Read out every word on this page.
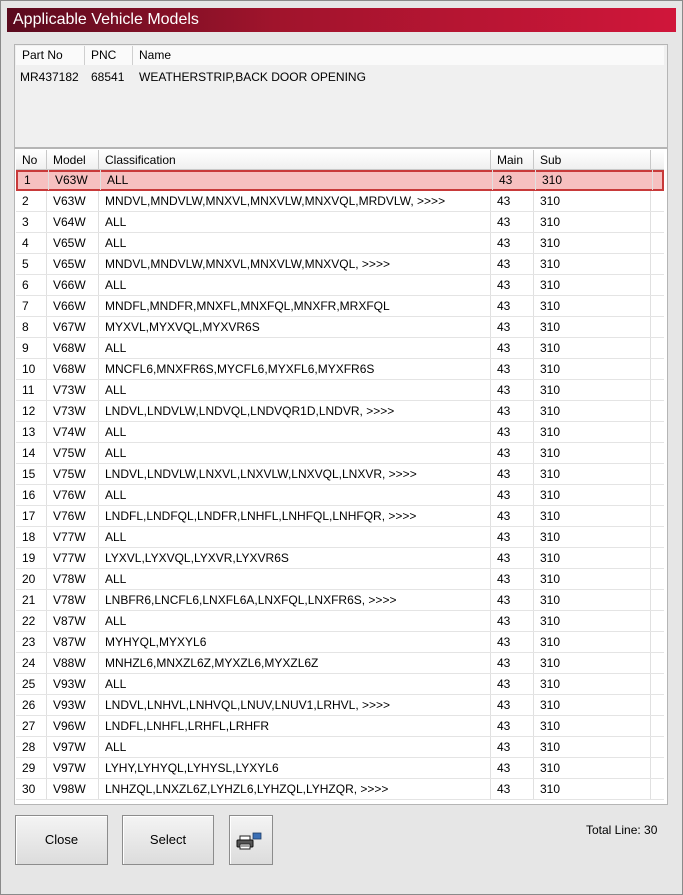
Applicable Vehicle Models
Part No	PNC	Name
MR437182 68541 WEATHERSTRIP,BACK DOOR OPENING
No	Model	Classification	Main	Sub
1	V63W	ALL	43	310
2	V63W	MNDVL,MNDVLW,MNXVL,MNXVLW,MNXVQL,MRDVLW, >>>>	43	310
3	V64W	ALL	43	310
4	V65W	ALL	43	310
5	V65W	MNDVL,MNDVLW,MNXVL,MNXVLW,MNXVQL, >>>>	43	310
6	V66W	ALL	43	310
7	V66W	MNDFL,MNDFR,MNXFL,MNXFQL,MNXFR,MRXFQL	43	310
8	V67W	MYXVL,MYXVQL,MYXVR6S	43	310
9	V68W	ALL	43	310
10	V68W	MNCFL6,MNXFR6S,MYCFL6,MYXFL6,MYXFR6S	43	310
11	V73W	ALL	43	310
12	V73W	LNDVL,LNDVLW,LNDVQL,LNDVQR1D,LNDVR, >>>>	43	310
13	V74W	ALL	43	310
14	V75W	ALL	43	310
15	V75W	LNDVL,LNDVLW,LNXVL,LNXVLW,LNXVQL,LNXVR, >>>>	43	310
16	V76W	ALL	43	310
17	V76W	LNDFL,LNDFQL,LNDFR,LNHFL,LNHFQL,LNHFQR, >>>>	43	310
18	V77W	ALL	43	310
19	V77W	LYXVL,LYXVQL,LYXVR,LYXVR6S	43	310
20	V78W	ALL	43	310
21	V78W	LNBFR6,LNCFL6,LNXFL6A,LNXFQL,LNXFR6S, >>>>	43	310
22	V87W	ALL	43	310
23	V87W	MYHYQL,MYXYL6	43	310
24	V88W	MNHZL6,MNXZL6Z,MYXZL6,MYXZL6Z	43	310
25	V93W	ALL	43	310
26	V93W	LNDVL,LNHVL,LNHVQL,LNUV,LNUV1,LRHVL, >>>>	43	310
27	V96W	LNDFL,LNHFL,LRHFL,LRHFR	43	310
28	V97W	ALL	43	310
29	V97W	LYHY,LYHYQL,LYHYSL,LYXYL6	43	310
30	V98W	LNHZQL,LNXZL6Z,LYHZL6,LYHZQL,LYHZQR, >>>>	43	310
Close	Select
Total Line: 30
